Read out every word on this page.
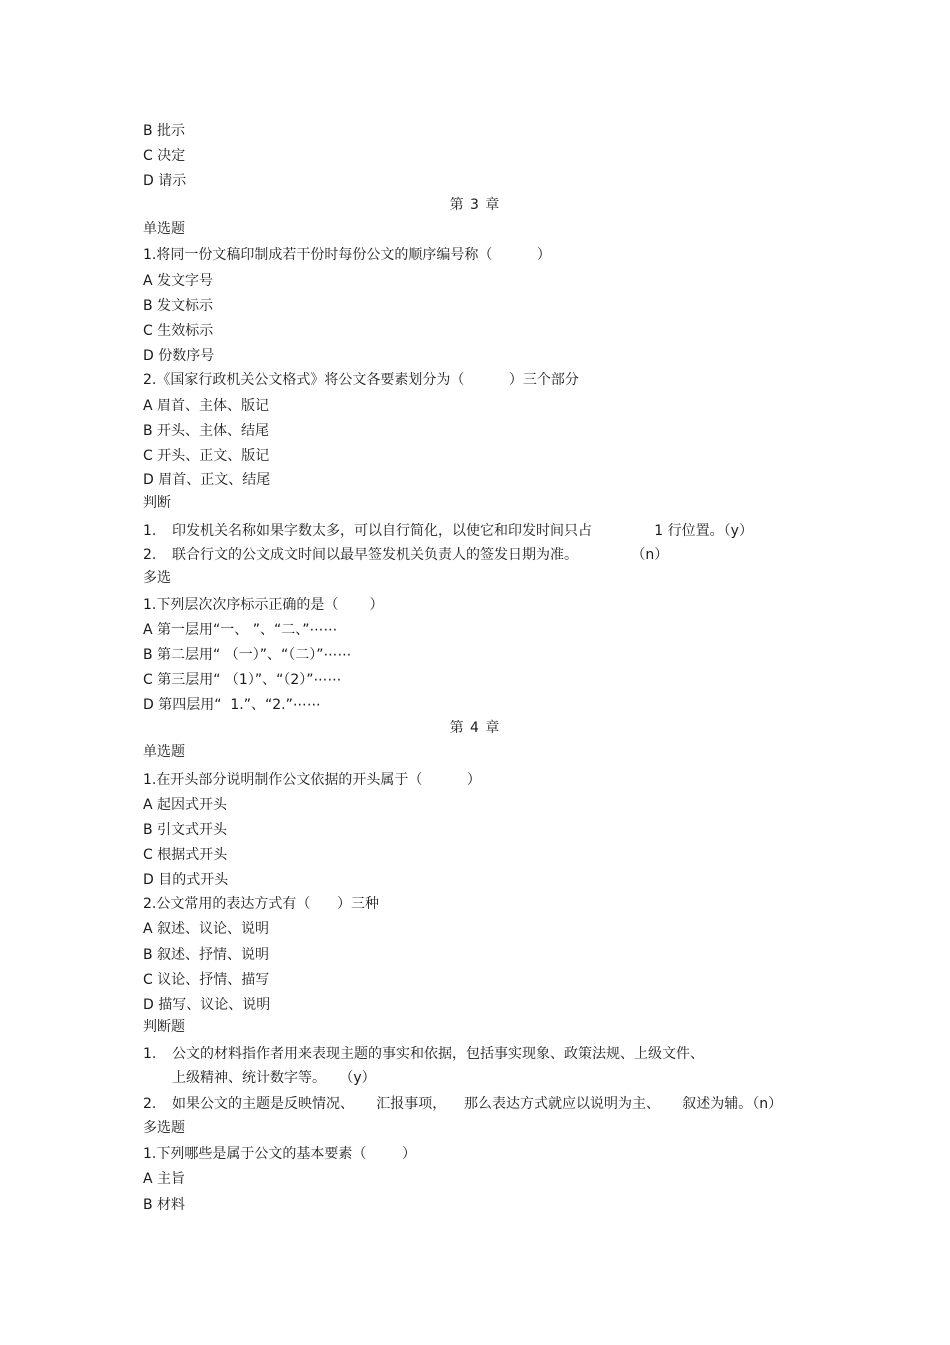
B 批示
C 决定
D 请示
第 3 章
单选题
1.将同一份文稿印制成若干份时每份公文的顺序编号称（          ）
A 发文字号
B 发文标示
C 生效标示
D 份数序号
2.《国家行政机关公文格式》将公文各要素划分为（          ）三个部分
A 眉首、主体、版记
B 开头、主体、结尾
C 开头、正文、版记
D 眉首、正文、结尾
判断
1. 印发机关名称如果字数太多，可以自行简化，以使它和印发时间只占              1 行位置。（y）
2. 联合行文的公文成文时间以最早签发机关负责人的签发日期为准。            （n）
多选
1.下列层次次序标示正确的是（       ）
A 第一层用“一、 ”、“二、”⋯⋯
B 第二层用“ （一）”、“（二）”⋯⋯
C 第三层用“ （1）”、“（2）”⋯⋯
D 第四层用“  1.”、“2.”⋯⋯
第 4 章
单选题
1.在开头部分说明制作公文依据的开头属于（          ）
A 起因式开头
B 引文式开头
C 根据式开头
D 目的式开头
2.公文常用的表达方式有（      ）三种
A 叙述、议论、说明
B 叙述、抒情、说明
C 议论、抒情、描写
D 描写、议论、说明
判断题
1. 公文的材料指作者用来表现主题的事实和依据，包括事实现象、政策法规、上级文件、
上级精神、统计数字等。   （y）
2. 如果公文的主题是反映情况、     汇报事项，    那么表达方式就应以说明为主、     叙述为辅。（n）
多选题
1.下列哪些是属于公文的基本要素（        ）
A 主旨
B 材料
